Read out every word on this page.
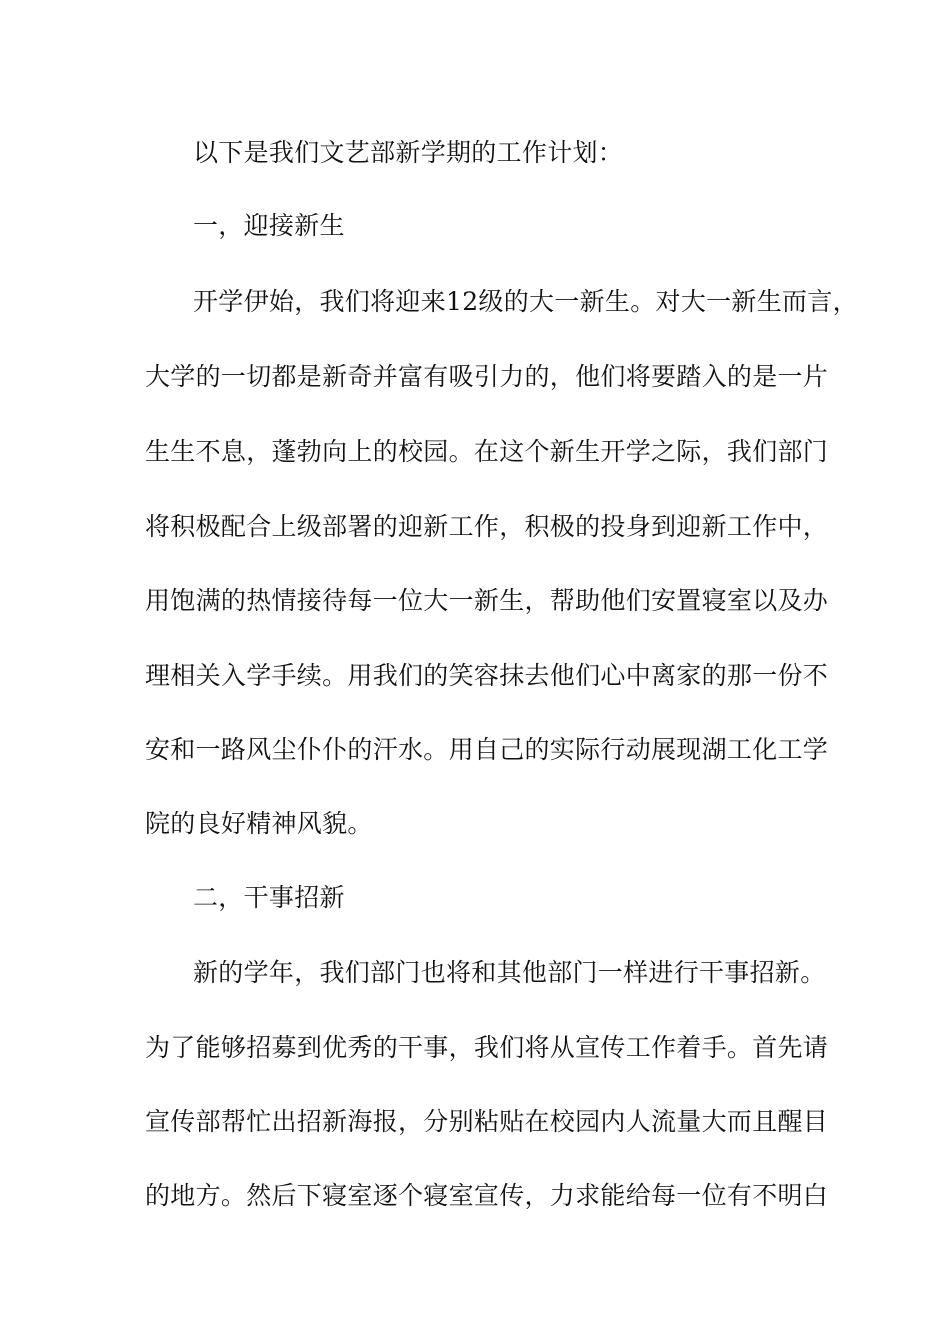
以下是我们文艺部新学期的工作计划：
一，迎接新生
开学伊始，我们将迎来12级的大一新生。对大一新生而言，
大学的一切都是新奇并富有吸引力的，他们将要踏入的是一片
生生不息，蓬勃向上的校园。在这个新生开学之际，我们部门
将积极配合上级部署的迎新工作，积极的投身到迎新工作中，
用饱满的热情接待每一位大一新生，帮助他们安置寝室以及办
理相关入学手续。用我们的笑容抹去他们心中离家的那一份不
安和一路风尘仆仆的汗水。用自己的实际行动展现湖工化工学
院的良好精神风貌。
二，干事招新
新的学年，我们部门也将和其他部门一样进行干事招新。
为了能够招募到优秀的干事，我们将从宣传工作着手。首先请
宣传部帮忙出招新海报，分别粘贴在校园内人流量大而且醒目
的地方。然后下寝室逐个寝室宣传，力求能给每一位有不明白
